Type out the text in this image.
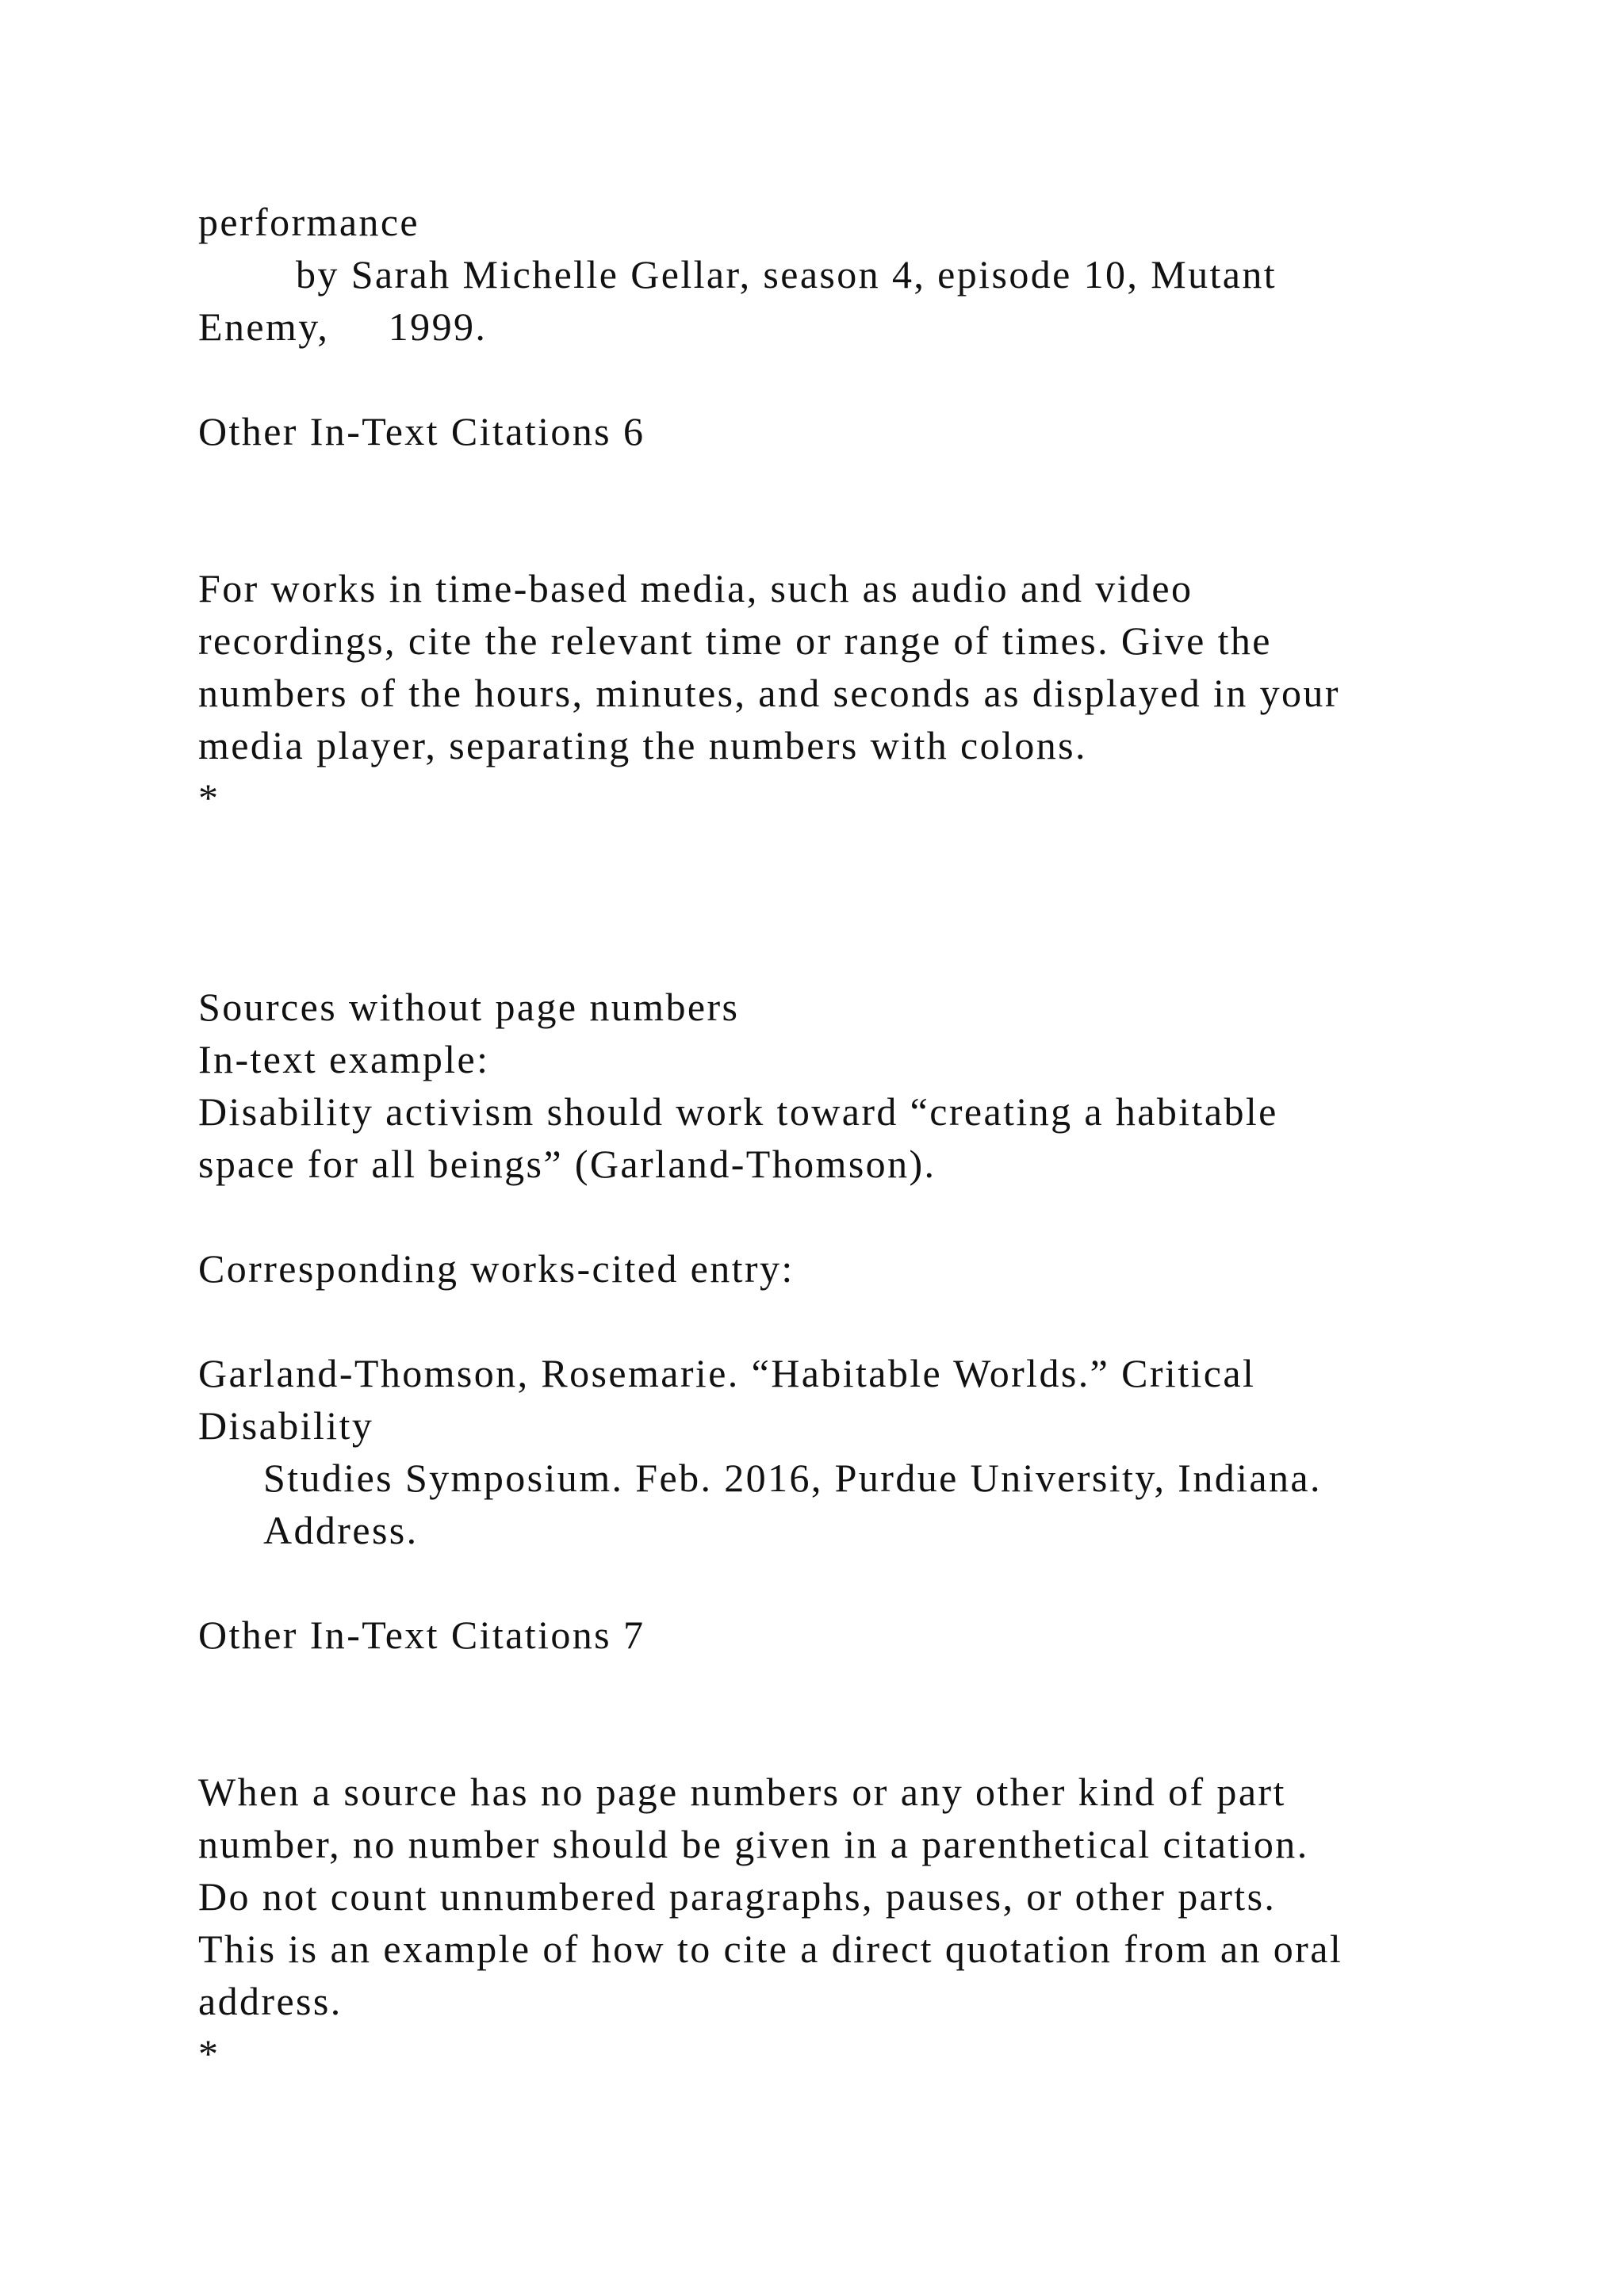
performance

by Sarah Michelle Gellar, season 4, episode 10, Mutant

Enemy,     1999.

Other In-Text Citations 6

For works in time-based media, such as audio and video

recordings, cite the relevant time or range of times. Give the

numbers of the hours, minutes, and seconds as displayed in your

media player, separating the numbers with colons.

*

Sources without page numbers

In-text example:

Disability activism should work toward “creating a habitable

space for all beings” (Garland-Thomson).

Corresponding works-cited entry:

Garland-Thomson, Rosemarie. “Habitable Worlds.” Critical

Disability

Studies Symposium. Feb. 2016, Purdue University, Indiana.

Address.

Other In-Text Citations 7

When a source has no page numbers or any other kind of part

number, no number should be given in a parenthetical citation.

Do not count unnumbered paragraphs, pauses, or other parts.

This is an example of how to cite a direct quotation from an oral

address.

*
